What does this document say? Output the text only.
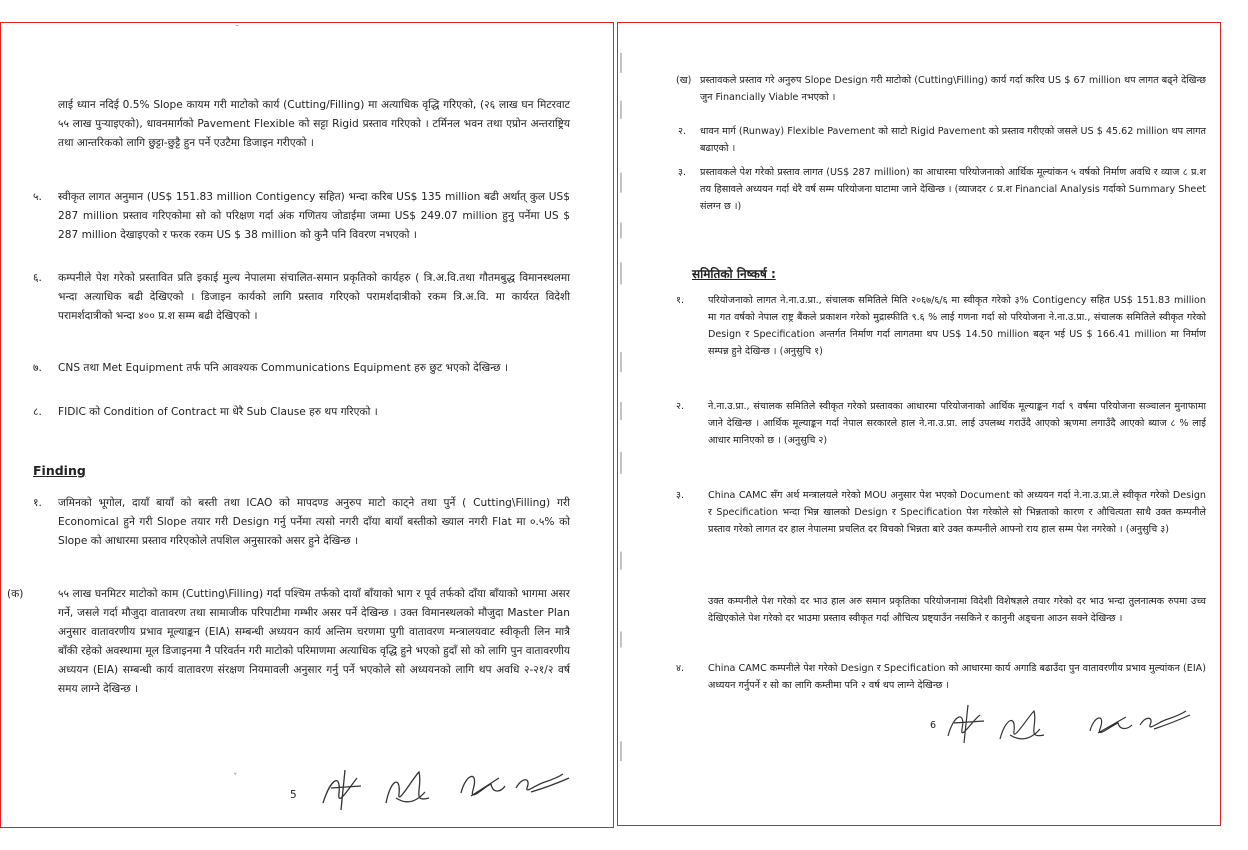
˘

लाई ध्यान नदिई 0.5% Slope कायम गरी माटोको कार्य (Cutting/Filling) मा अत्याधिक वृद्धि गरिएको, (२६ लाख घन मिटरवाट ५५ लाख पुर्‍याइएको), धावनमार्गको Pavement Flexible को सट्टा Rigid प्रस्ताव गरिएको । टर्मिनल भवन तथा एप्रोन अन्तराष्ट्रिय तथा आन्तरिकको लागि छुट्टा-छुट्टै हुन पर्ने एउटैमा डिजाइन गरीएको ।

५. स्वीकृत लागत अनुमान (US$ 151.83 million Contigency सहित) भन्दा करिब US$ 135 million बढी अर्थात् कुल US$ 287 million प्रस्ताव गरिएकोमा सो को परिक्षण गर्दा अंक गणितय जोडाईमा जम्मा US$ 249.07 million हुनु पर्नेमा US $ 287 million देखाइएको र फरक रकम US $ 38 million को कुनै पनि विवरण नभएको ।

६. कम्पनीले पेश गरेको प्रस्तावित प्रति इकाई मुल्य नेपालमा संचालित-समान प्रकृतिको कार्यहरु ( त्रि.अ.वि.तथा गौतमबुद्ध विमानस्थलमा भन्दा अत्याधिक बढी देखिएको । डिजाइन कार्यको लागि प्रस्ताव गरिएको परामर्शदात्रीको रकम त्रि.अ.वि. मा कार्यरत विदेशी परामर्शदात्रीको भन्दा ४०० प्र.श सम्म बढी देखिएको ।

७. CNS तथा Met Equipment तर्फ पनि आवश्यक Communications Equipment हरु छुट भएको देखिन्छ ।

८. FIDIC को Condition of Contract मा धेरै Sub Clause हरु थप गरिएको ।

Finding

१. जमिनको भूगोल, दायाँ बायाँ को बस्ती तथा ICAO को मापदण्ड अनुरुप माटो काट्ने तथा पुर्ने ( Cutting\Filling) गरी Economical हुने गरी Slope तयार गरी Design गर्नु पर्नेमा त्यसो नगरी दाँया बायाँ बस्तीको ख्याल नगरी Flat मा ०.५% को Slope को आधारमा प्रस्ताव गरिएकोले तपशिल अनुसारको असर हुने देखिन्छ ।

(क)	५५ लाख घनमिटर माटोको काम (Cutting\Filling) गर्दा पश्चिम तर्फको दायाँ बाँयाको भाग र पूर्व तर्फको दाँया बाँयाको भागमा असर गर्ने, जसले गर्दा मौजुदा वातावरण तथा सामाजीक परिपाटीमा गम्भीर असर पर्ने देखिन्छ । उक्त विमानस्थलको मौजुदा Master Plan अनुसार वातावरणीय प्रभाव मूल्याङ्कन (EIA) सम्बन्धी अध्ययन कार्य अन्तिम चरणमा पुगी वातावरण मन्त्रालयवाट स्वीकृती लिन मात्रै बाँकी रहेको अवस्थामा मूल डिजाइनमा नै परिवर्तन गरी माटोको परिमाणमा अत्याधिक वृद्धि हुने भएको हुदाँ सो को लागि पुन वातावरणीय अध्ययन (EIA) सम्बन्धी कार्य वातावरण संरक्षण नियमावली अनुसार गर्नु पर्ने भएकोले सो अध्ययनको लागि थप अवधि २-२१/२ वर्ष समय लाग्ने देखिन्छ ।

ˇ
5
(ख) प्रस्तावकले प्रस्ताव गरे अनुरुप Slope Design गरी माटोको (Cutting\Filling) कार्य गर्दा करिव US $ 67 million थप लागत बढ्ने देखिन्छ जुन Financially Viable नभएको ।

२. धावन मार्ग (Runway) Flexible Pavement को साटो Rigid Pavement को प्रस्ताव गरीएको जसले US $ 45.62 million थप लागत बढाएको ।

३. प्रस्तावकले पेश गरेको प्रस्ताव लागत (US$ 287 million) का आधारमा परियोजनाको आर्थिक मूल्यांकन ५ वर्षको निर्माण अवधि र व्याज ८ प्र.श तय हिसावले अध्ययन गर्दा धेरै वर्ष सम्म परियोजना घाटामा जाने देखिन्छ । (व्याजदर ८ प्र.श Financial Analysis गर्दाको Summary Sheet संलग्न छ ।)

समितिको निष्कर्ष :

१. परियोजनाको लागत ने.ना.उ.प्रा., संचालक समितिले मिति २०६७/६/६ मा स्वीकृत गरेको ३% Contigency सहित US$ 151.83 million मा गत वर्षको नेपाल राष्ट्र बैंकले प्रकाशन गरेको मुद्रास्फीति ९.६ % लाई गणना गर्दा सो परियोजना ने.ना.उ.प्रा., संचालक समितिले स्वीकृत गरेको Design र Specification अन्तर्गत निर्माण गर्दा लागतमा थप US$ 14.50 million बढ्न भई US $ 166.41 million मा निर्माण सम्पन्न हुने देखिन्छ । (अनुसुचि १)

२. ने.ना.उ.प्रा., संचालक समितिले स्वीकृत गरेको प्रस्तावका आधारमा परियोजनाको आर्थिक मूल्याङ्कन गर्दा ९ वर्षमा परियोजना सञ्चालन मुनाफामा जाने देखिन्छ । आर्थिक मूल्याङ्कन गर्दा नेपाल सरकारले हाल ने.ना.उ.प्रा. लाई उपलब्ध गराउँदै आएको ऋणमा लगाउँदै आएको ब्याज ८ % लाई आधार मानिएको छ । (अनुसुचि २)

३. China CAMC सँग अर्थ मन्त्रालयले गरेको MOU अनुसार पेश भएको Document को अध्ययन गर्दा ने.ना.उ.प्रा.ले स्वीकृत गरेको Design र Specification भन्दा भिन्न खालको Design र Specification पेश गरेकोले सो भिन्नताको कारण र औचित्यता साथै उक्त कम्पनीले प्रस्ताव गरेको लागत दर हाल नेपालमा प्रचलित दर विचको भिन्नता बारे उक्त कम्पनीले आफ्नो राय हाल सम्म पेश नगरेको । (अनुसुचि ३)

उक्त कम्पनीले पेश गरेको दर भाउ हाल अरु समान प्रकृतिका परियोजनामा विदेशी विशेषज्ञले तयार गरेको दर भाउ भन्दा तुलनात्मक रुपमा उच्च देखिएकोले पेश गरेको दर भाउमा प्रस्ताव स्वीकृत गर्दा औचित्य प्रष्ट्याउँन नसकिने र कानुनी अड्चना आउन सक्ने देखिन्छ ।

४. China CAMC कम्पनीले पेश गरेको Design र Specification को आधारमा कार्य अगाडि बढाउँदा पुन वातावरणीय प्रभाव मुल्यांकन (EIA) अध्ययन गर्नुपर्ने र सो का लागि कम्तीमा पनि २ वर्ष थप लाग्ने देखिन्छ ।

6
